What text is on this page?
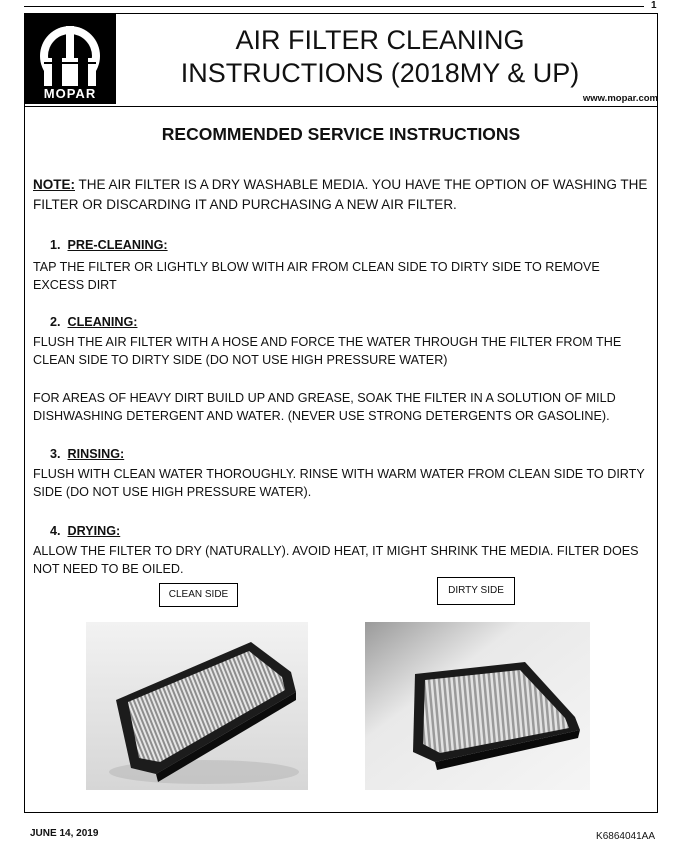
1
MOPAR
AIR FILTER CLEANING
INSTRUCTIONS (2018MY & UP)
www.mopar.com
RECOMMENDED SERVICE INSTRUCTIONS
NOTE: THE AIR FILTER IS A DRY WASHABLE MEDIA. YOU HAVE THE OPTION OF WASHING THE FILTER OR DISCARDING IT AND PURCHASING A NEW AIR FILTER.
1. PRE-CLEANING:
TAP THE FILTER OR LIGHTLY BLOW WITH AIR FROM CLEAN SIDE TO DIRTY SIDE TO REMOVE EXCESS DIRT
2. CLEANING:
FLUSH THE AIR FILTER WITH A HOSE AND FORCE THE WATER THROUGH THE FILTER FROM THE CLEAN SIDE TO DIRTY SIDE (DO NOT USE HIGH PRESSURE WATER)
FOR AREAS OF HEAVY DIRT BUILD UP AND GREASE, SOAK THE FILTER IN A SOLUTION OF MILD DISHWASHING DETERGENT AND WATER. (NEVER USE STRONG DETERGENTS OR GASOLINE).
3. RINSING:
FLUSH WITH CLEAN WATER THOROUGHLY. RINSE WITH WARM WATER FROM CLEAN SIDE TO DIRTY SIDE (DO NOT USE HIGH PRESSURE WATER).
4. DRYING:
ALLOW THE FILTER TO DRY (NATURALLY). AVOID HEAT, IT MIGHT SHRINK THE MEDIA. FILTER DOES NOT NEED TO BE OILED.
CLEAN SIDE	DIRTY SIDE
JUNE 14, 2019	K6864041AA
